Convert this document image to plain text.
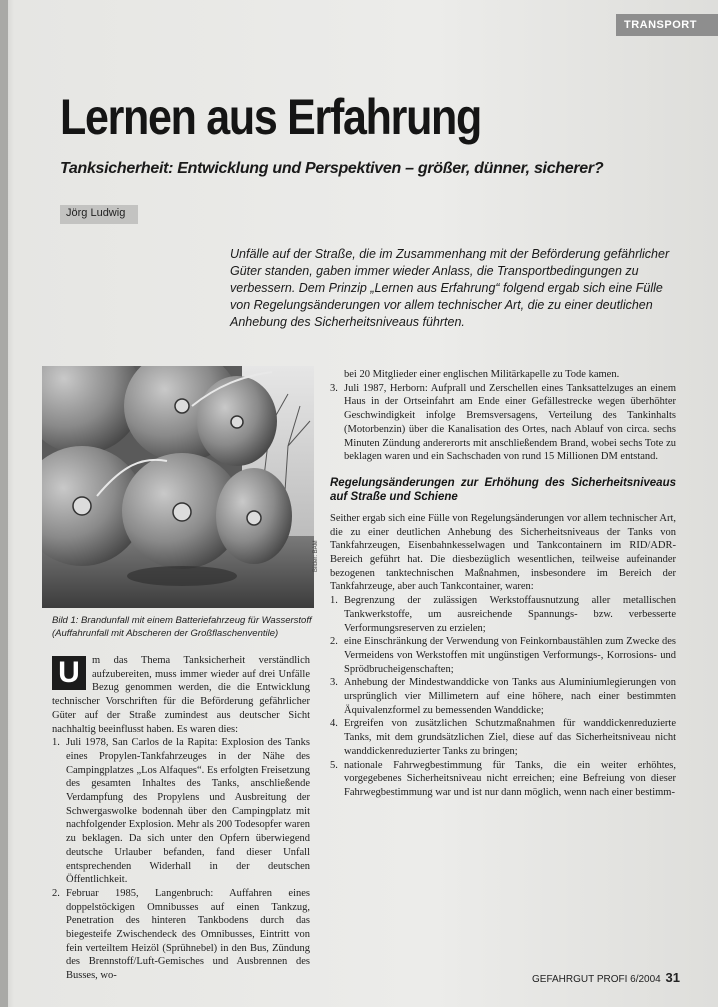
TRANSPORT
Lernen aus Erfahrung
Tanksicherheit: Entwicklung und Perspektiven – größer, dünner, sicherer?
Jörg Ludwig

Unfälle auf der Straße, die im Zusammenhang mit der Beförderung gefährlicher Güter standen, gaben immer wieder Anlass, die Transportbedingungen zu verbessern. Dem Prinzip „Lernen aus Erfahrung“ folgend ergab sich eine Fülle von Regelungsänderungen vor allem technischer Art, die zu einer deutlichen Anhebung des Sicherheitsniveaus führten.

Bilder: BAM

Bild 1: Brandunfall mit einem Batteriefahrzeug für Wasserstoff (Auffahrunfall mit Abscheren der Großflaschenventile)

U	m das Thema Tanksicherheit verständlich aufzubereiten, muss immer wieder auf drei Unfälle Bezug genommen werden, die die Entwicklung technischer Vorschriften für die Beförderung gefährlicher Güter auf der Straße zumindest aus deutscher Sicht nachhaltig beeinflusst haben. Es waren dies:

1. Juli 1978, San Carlos de la Rapita: Explosion des Tanks eines Propylen-Tankfahrzeuges in der Nähe des Campingplatzes „Los Alfaques“. Es erfolgten Freisetzung des gesamten Inhaltes des Tanks, anschließende Verdampfung des Propylens und Ausbreitung der Schwergaswolke bodennah über den Campingplatz mit nachfolgender Explosion. Mehr als 200 Todesopfer waren zu beklagen. Da sich unter den Opfern überwiegend deutsche Urlauber befanden, fand dieser Unfall entsprechenden Widerhall in der deutschen Öffentlichkeit.
2. Februar 1985, Langenbruch: Auffahren eines doppelstöckigen Omnibusses auf einen Tankzug, Penetration des hinteren Tankbodens durch das biegesteife Zwischendeck des Omnibusses, Eintritt von fein verteiltem Heizöl (Sprühnebel) in den Bus, Zündung des Brennstoff/Luft-Gemisches und Ausbrennen des Busses, wo-

bei 20 Mitglieder einer englischen Militärkapelle zu Tode kamen.

3. Juli 1987, Herborn: Aufprall und Zerschellen eines Tanksattelzuges an einem Haus in der Ortseinfahrt am Ende einer Gefällestrecke wegen überhöhter Geschwindigkeit infolge Bremsversagens, Verteilung des Tankinhalts (Motorbenzin) über die Kanalisation des Ortes, nach Ablauf von circa. sechs Minuten Zündung andererorts mit anschließendem Brand, wobei sechs Tote zu beklagen waren und ein Sachschaden von rund 15 Millionen DM entstand.
Regelungsänderungen zur Erhöhung des Sicherheitsniveaus auf Straße und Schiene

Seither ergab sich eine Fülle von Regelungsänderungen vor allem technischer Art, die zu einer deutlichen Anhebung des Sicherheitsniveaus der Tanks von Tankfahrzeugen, Eisenbahnkesselwagen und Tankcontainern im RID/ADR-Bereich geführt hat. Die diesbezüglich wesentlichen, teilweise aufeinander bezogenen tanktechnischen Maßnahmen, insbesondere im Bereich der Tankfahrzeuge, aber auch Tankcontainer, waren:

1. Begrenzung der zulässigen Werkstoffausnutzung aller metallischen Tankwerkstoffe, um ausreichende Spannungs- bzw. verbesserte Verformungsreserven zu erzielen;
2. eine Einschränkung der Verwendung von Feinkornbaustählen zum Zwecke des Vermeidens von Werkstoffen mit ungünstigen Verformungs-, Korrosions- und Sprödbrucheigenschaften;
3. Anhebung der Mindestwanddicke von Tanks aus Aluminiumlegierungen von ursprünglich vier Millimetern auf eine höhere, nach einer bestimmten Äquivalenzformel zu bemessenden Wanddicke;
4. Ergreifen von zusätzlichen Schutzmaßnahmen für wanddickenreduzierte Tanks, mit dem grundsätzlichen Ziel, diese auf das Sicherheitsniveau nicht wanddickenreduzierter Tanks zu bringen;
5. nationale Fahrwegbestimmung für Tanks, die ein weiter erhöhtes, vorgegebenes Sicherheitsniveau nicht erreichen; eine Befreiung von dieser Fahrwegbestimmung war und ist nur dann möglich, wenn nach einer bestimm-
GEFAHRGUT PROFI 6/2004 31
